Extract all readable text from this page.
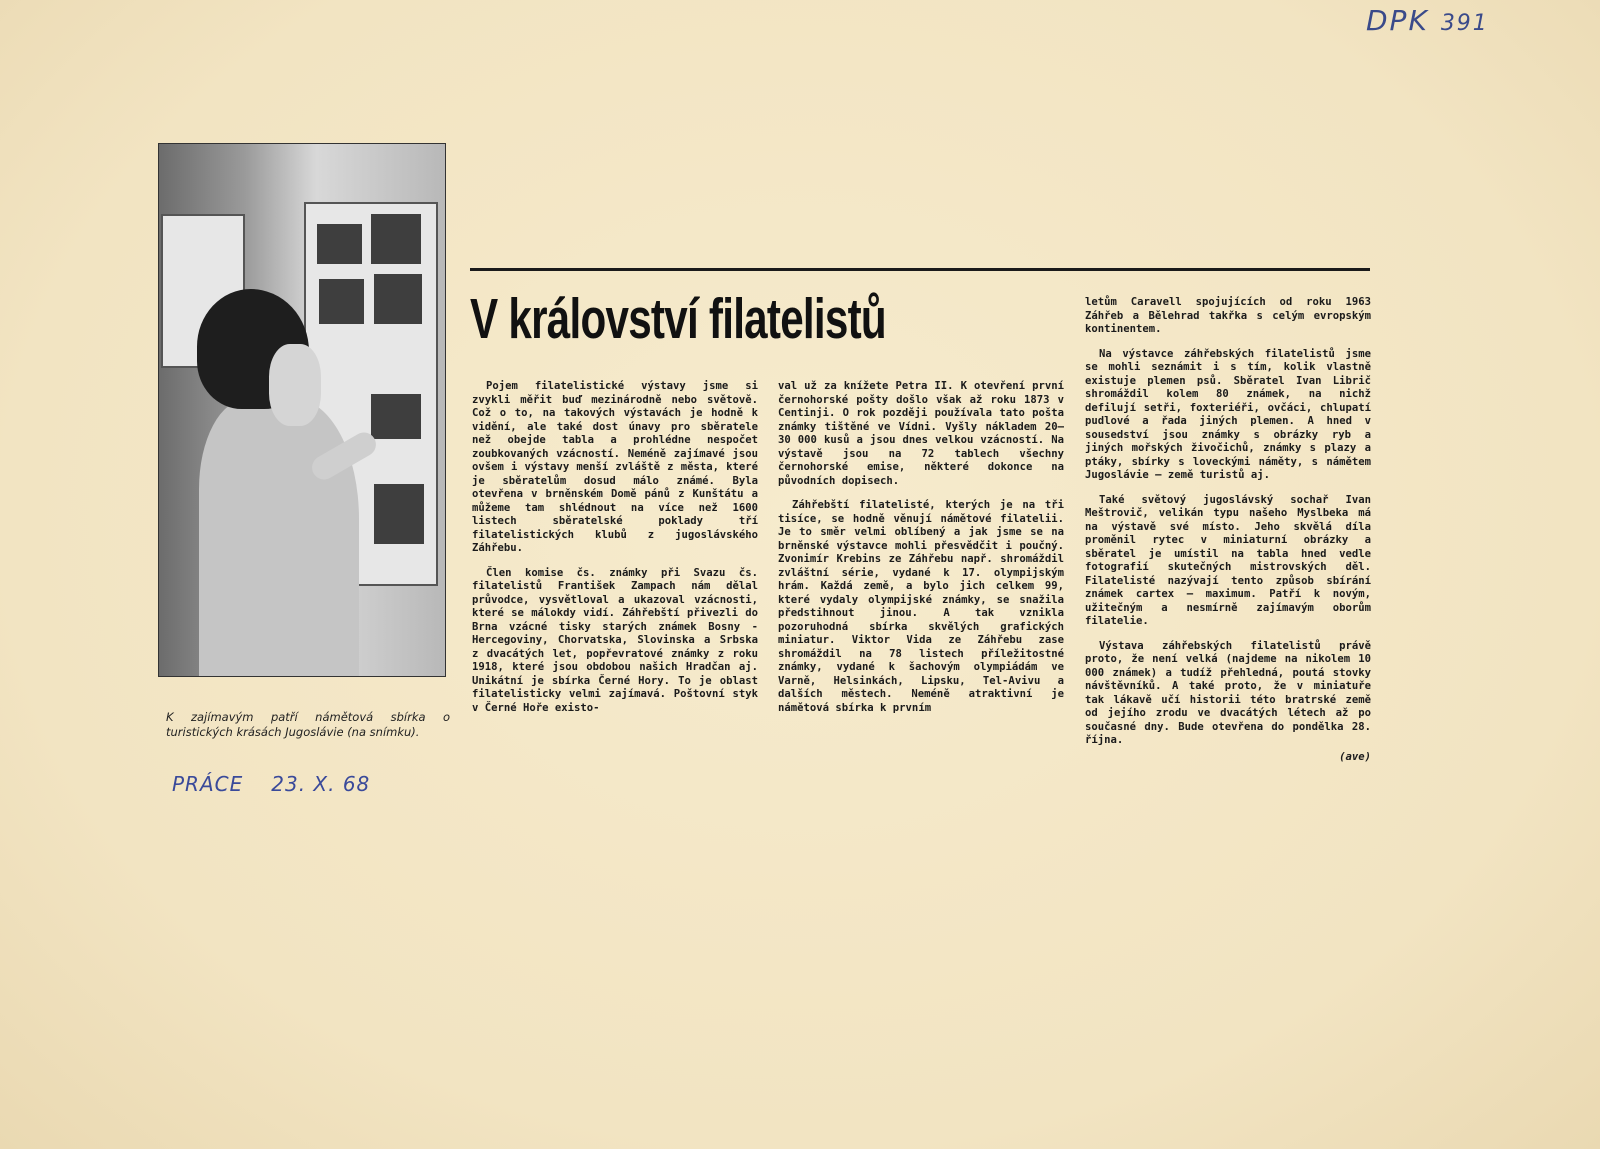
DPK 391
K zajímavým patří námětová sbírka o turistických krásách Jugoslávie (na snímku).
PRÁCE 23. X. 68
V království filatelistů

Pojem filatelistické výstavy jsme si zvykli měřit buď mezinárodně nebo světově. Což o to, na takových výstavách je hodně k vidění, ale také dost únavy pro sběratele než obejde tabla a prohlédne nespočet zoubkovaných vzácností. Neméně zajímavé jsou ovšem i výstavy menší zvláště z města, které je sběratelům dosud málo známé. Byla otevřena v brněnském Domě pánů z Kunštátu a můžeme tam shlédnout na více než 1600 listech sběratelské poklady tří filatelistických klubů z jugoslávského Záhřebu.

Člen komise čs. známky při Svazu čs. filatelistů František Zampach nám dělal průvodce, vysvětloval a ukazoval vzácnosti, které se málokdy vidí. Záhřebští přivezli do Brna vzácné tisky starých známek Bosny - Hercegoviny, Chorvatska, Slovinska a Srbska z dvacátých let, popřevratové známky z roku 1918, které jsou obdobou našich Hradčan aj. Unikátní je sbírka Černé Hory. To je oblast filatelisticky velmi zajímavá. Poštovní styk v Černé Hoře existo-

val už za knížete Petra II. K otevření první černohorské pošty došlo však až roku 1873 v Centinji. O rok později používala tato pošta známky tištěné ve Vídni. Vyšly nákladem 20—30 000 kusů a jsou dnes velkou vzácností. Na výstavě jsou na 72 tablech všechny černohorské emise, některé dokonce na původních dopisech.

Záhřebští filatelisté, kterých je na tři tisíce, se hodně věnují námětové filatelii. Je to směr velmi oblíbený a jak jsme se na brněnské výstavce mohli přesvědčit i poučný. Zvonimír Krebins ze Záhřebu např. shromáždil zvláštní série, vydané k 17. olympijským hrám. Každá země, a bylo jich celkem 99, které vydaly olympijské známky, se snažila předstihnout jinou. A tak vznikla pozoruhodná sbírka skvělých grafických miniatur. Viktor Vida ze Záhřebu zase shromáždil na 78 listech příležitostné známky, vydané k šachovým olympiádám ve Varně, Helsinkách, Lipsku, Tel-Avivu a dalších městech. Neméně atraktivní je námětová sbírka k prvním

letům Caravell spojujících od roku 1963 Záhřeb a Bělehrad takřka s celým evropským kontinentem.

Na výstavce záhřebských filatelistů jsme se mohli seznámit i s tím, kolik vlastně existuje plemen psů. Sběratel Ivan Librič shromáždil kolem 80 známek, na nichž defilují setři, foxteriéři, ovčáci, chlupatí pudlové a řada jiných plemen. A hned v sousedství jsou známky s obrázky ryb a jiných mořských živočichů, známky s plazy a ptáky, sbírky s loveckými náměty, s námětem Jugoslávie — země turistů aj.

Také světový jugoslávský sochař Ivan Meštrovič, velikán typu našeho Myslbeka má na výstavě své místo. Jeho skvělá díla proměnil rytec v miniaturní obrázky a sběratel je umístil na tabla hned vedle fotografií skutečných mistrovských děl. Filatelisté nazývají tento způsob sbírání známek cartex — maximum. Patří k novým, užitečným a nesmírně zajímavým oborům filatelie.

Výstava záhřebských filatelistů právě proto, že není velká (najdeme na nikolem 10 000 známek) a tudíž přehledná, poutá stovky návštěvníků. A také proto, že v miniatuře tak lákavě učí historii této bratrské země od jejího zrodu ve dvacátých létech až po současné dny. Bude otevřena do pondělka 28. října.

(ave)
